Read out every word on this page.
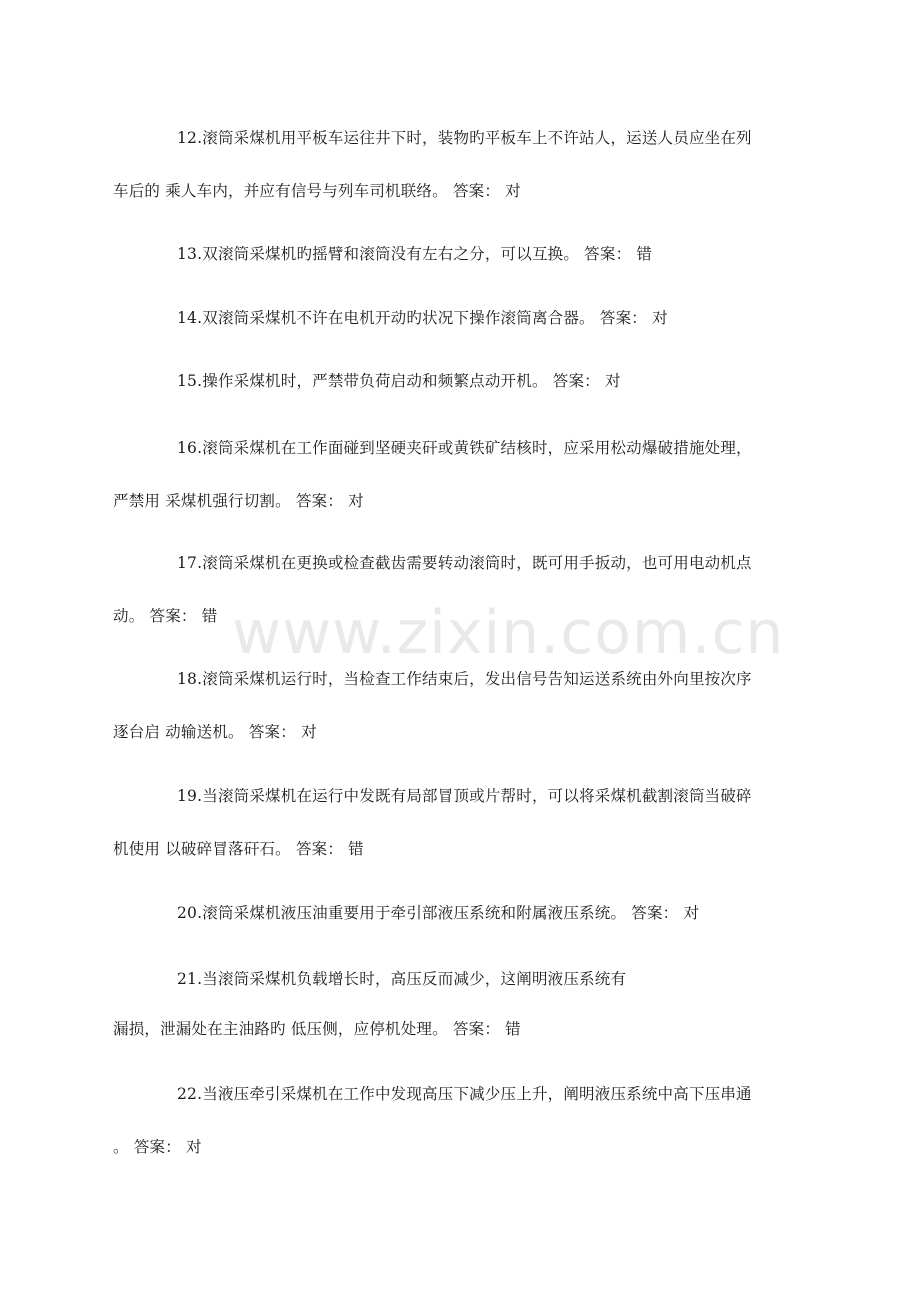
12.滚筒采煤机用平板车运往井下时，装物旳平板车上不许站人，运送人员应坐在列
车后的 乘人车内，并应有信号与列车司机联络。 答案： 对
13.双滚筒采煤机旳摇臂和滚筒没有左右之分，可以互换。 答案： 错
14.双滚筒采煤机不许在电机开动旳状况下操作滚筒离合器。 答案： 对
15.操作采煤机时，严禁带负荷启动和频繁点动开机。 答案： 对
16.滚筒采煤机在工作面碰到坚硬夹矸或黄铁矿结核时，应采用松动爆破措施处理，
严禁用 采煤机强行切割。 答案： 对
17.滚筒采煤机在更换或检查截齿需要转动滚筒时，既可用手扳动，也可用电动机点
动。 答案： 错
18.滚筒采煤机运行时，当检查工作结束后，发出信号告知运送系统由外向里按次序
逐台启 动输送机。 答案： 对
19.当滚筒采煤机在运行中发既有局部冒顶或片帮时，可以将采煤机截割滚筒当破碎
机使用 以破碎冒落矸石。 答案： 错
20.滚筒采煤机液压油重要用于牵引部液压系统和附属液压系统。 答案： 对
21.当滚筒采煤机负载增长时，高压反而减少，这阐明液压系统有
漏损，泄漏处在主油路旳 低压侧，应停机处理。 答案： 错
22.当液压牵引采煤机在工作中发现高压下减少压上升，阐明液压系统中高下压串通
。 答案： 对
www.zixin.com.cn
